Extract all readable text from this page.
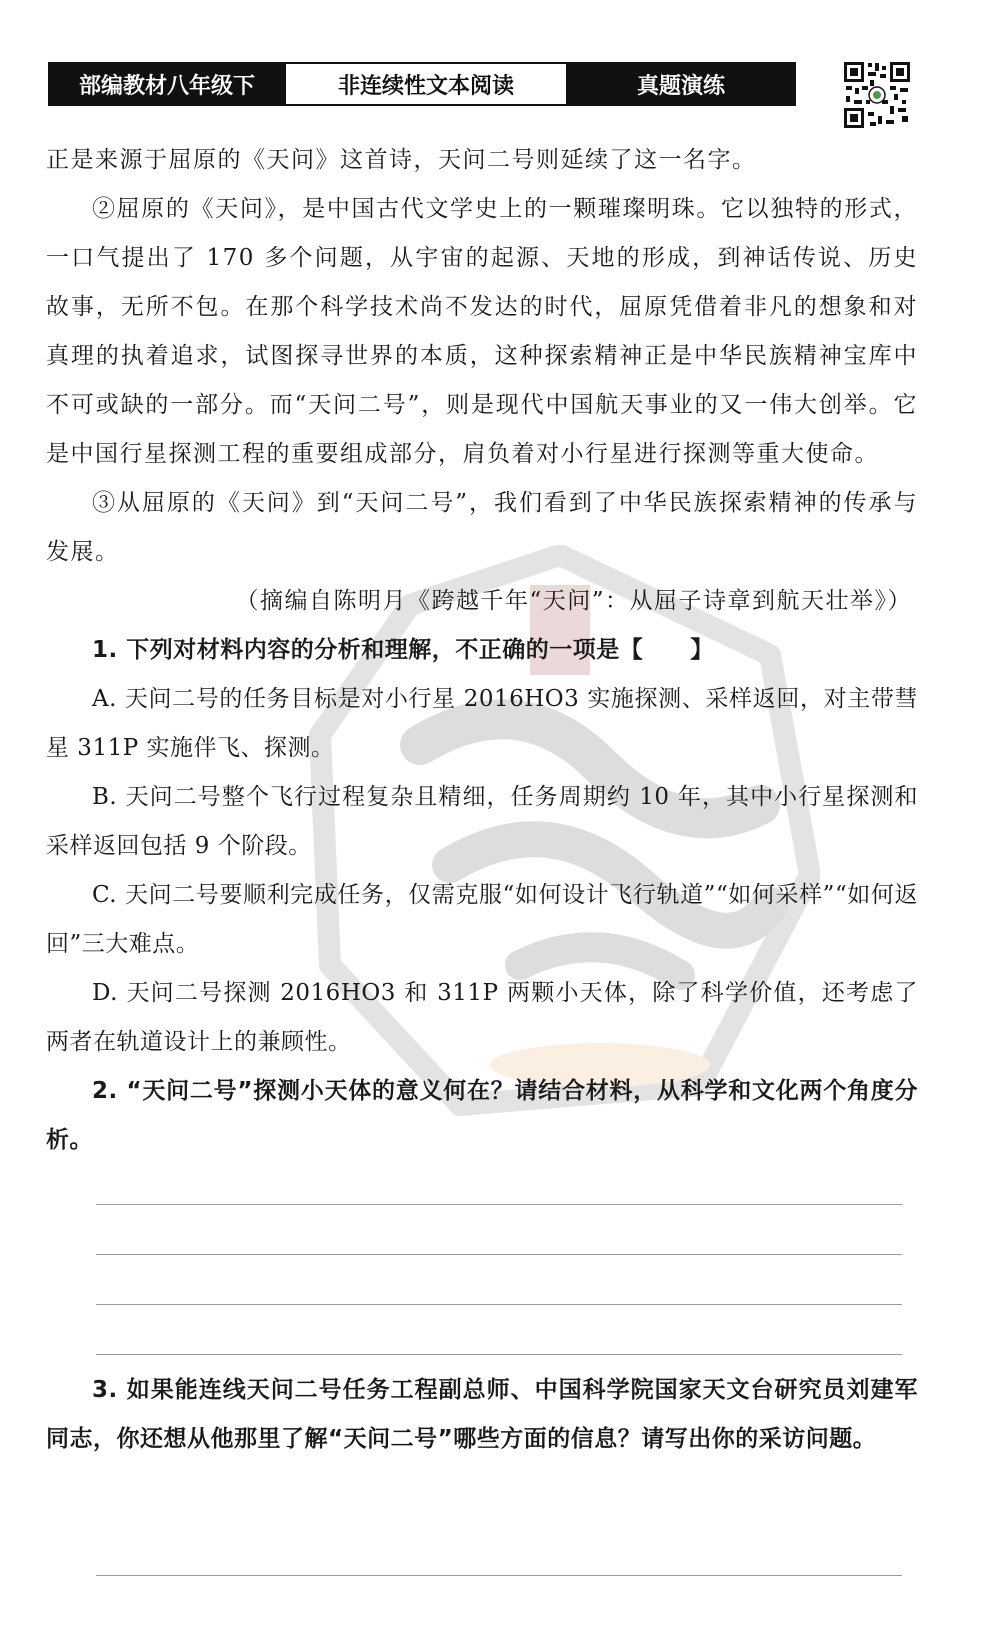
部编教材八年级下	非连续性文本阅读	真题演练

正是来源于屈原的《天问》这首诗，天问二号则延续了这一名字。

②屈原的《天问》，是中国古代文学史上的一颗璀璨明珠。它以独特的形式，一口气提出了 170 多个问题，从宇宙的起源、天地的形成，到神话传说、历史故事，无所不包。在那个科学技术尚不发达的时代，屈原凭借着非凡的想象和对真理的执着追求，试图探寻世界的本质，这种探索精神正是中华民族精神宝库中不可或缺的一部分。而“天问二号”，则是现代中国航天事业的又一伟大创举。它是中国行星探测工程的重要组成部分，肩负着对小行星进行探测等重大使命。

③从屈原的《天问》到“天问二号”，我们看到了中华民族探索精神的传承与发展。

（摘编自陈明月《跨越千年“天问”：从屈子诗章到航天壮举》）

1. 下列对材料内容的分析和理解，不正确的一项是【　　】

A. 天问二号的任务目标是对小行星 2016HO3 实施探测、采样返回，对主带彗星 311P 实施伴飞、探测。

B. 天问二号整个飞行过程复杂且精细，任务周期约 10 年，其中小行星探测和采样返回包括 9 个阶段。

C. 天问二号要顺利完成任务，仅需克服“如何设计飞行轨道”“如何采样”“如何返回”三大难点。

D. 天问二号探测 2016HO3 和 311P 两颗小天体，除了科学价值，还考虑了两者在轨道设计上的兼顾性。

2. “天问二号”探测小天体的意义何在？请结合材料，从科学和文化两个角度分析。

3. 如果能连线天问二号任务工程副总师、中国科学院国家天文台研究员刘建军同志，你还想从他那里了解“天问二号”哪些方面的信息？请写出你的采访问题。
